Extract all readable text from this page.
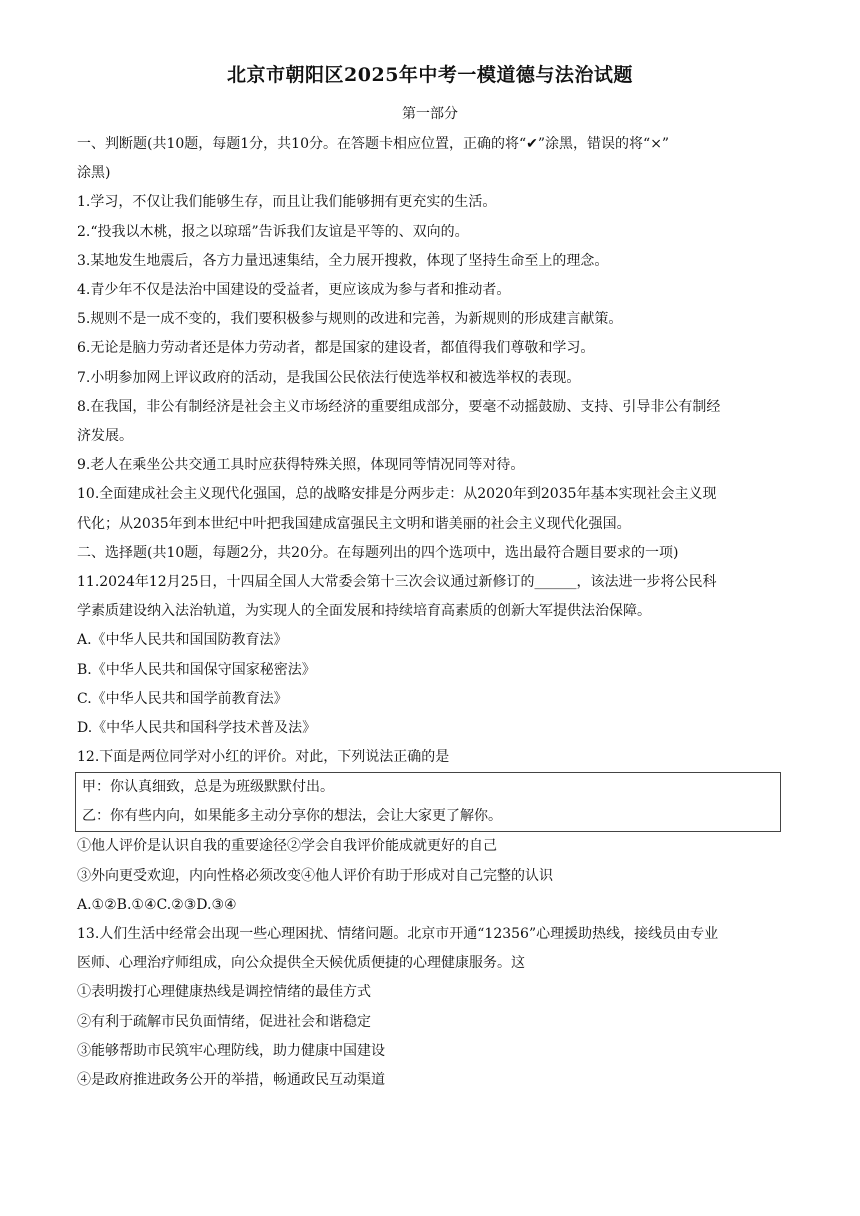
北京市朝阳区2025年中考一模道德与法治试题
第一部分
一、判断题(共10题，每题1分，共10分。在答题卡相应位置，正确的将“✔”涂黑，错误的将“×”
涂黑)
1.学习，不仅让我们能够生存，而且让我们能够拥有更充实的生活。
2.“投我以木桃，报之以琼瑶”告诉我们友谊是平等的、双向的。
3.某地发生地震后，各方力量迅速集结，全力展开搜救，体现了坚持生命至上的理念。
4.青少年不仅是法治中国建设的受益者，更应该成为参与者和推动者。
5.规则不是一成不变的，我们要积极参与规则的改进和完善，为新规则的形成建言献策。
6.无论是脑力劳动者还是体力劳动者，都是国家的建设者，都值得我们尊敬和学习。
7.小明参加网上评议政府的活动，是我国公民依法行使选举权和被选举权的表现。
8.在我国，非公有制经济是社会主义市场经济的重要组成部分，要毫不动摇鼓励、支持、引导非公有制经
济发展。
9.老人在乘坐公共交通工具时应获得特殊关照，体现同等情况同等对待。
10.全面建成社会主义现代化强国，总的战略安排是分两步走：从2020年到2035年基本实现社会主义现
代化；从2035年到本世纪中叶把我国建成富强民主文明和谐美丽的社会主义现代化强国。
二、选择题(共10题，每题2分，共20分。在每题列出的四个选项中，选出最符合题目要求的一项)
11.2024年12月25日，十四届全国人大常委会第十三次会议通过新修订的______，该法进一步将公民科
学素质建设纳入法治轨道，为实现人的全面发展和持续培育高素质的创新大军提供法治保障。
A.《中华人民共和国国防教育法》
B.《中华人民共和国保守国家秘密法》
C.《中华人民共和国学前教育法》
D.《中华人民共和国科学技术普及法》
12.下面是两位同学对小红的评价。对此，下列说法正确的是
甲：你认真细致，总是为班级默默付出。
乙：你有些内向，如果能多主动分享你的想法，会让大家更了解你。
①他人评价是认识自我的重要途径②学会自我评价能成就更好的自己
③外向更受欢迎，内向性格必须改变④他人评价有助于形成对自己完整的认识
A.①②B.①④C.②③D.③④
13.人们生活中经常会出现一些心理困扰、情绪问题。北京市开通“12356”心理援助热线，接线员由专业
医师、心理治疗师组成，向公众提供全天候优质便捷的心理健康服务。这
①表明拨打心理健康热线是调控情绪的最佳方式
②有利于疏解市民负面情绪，促进社会和谐稳定
③能够帮助市民筑牢心理防线，助力健康中国建设
④是政府推进政务公开的举措，畅通政民互动渠道
